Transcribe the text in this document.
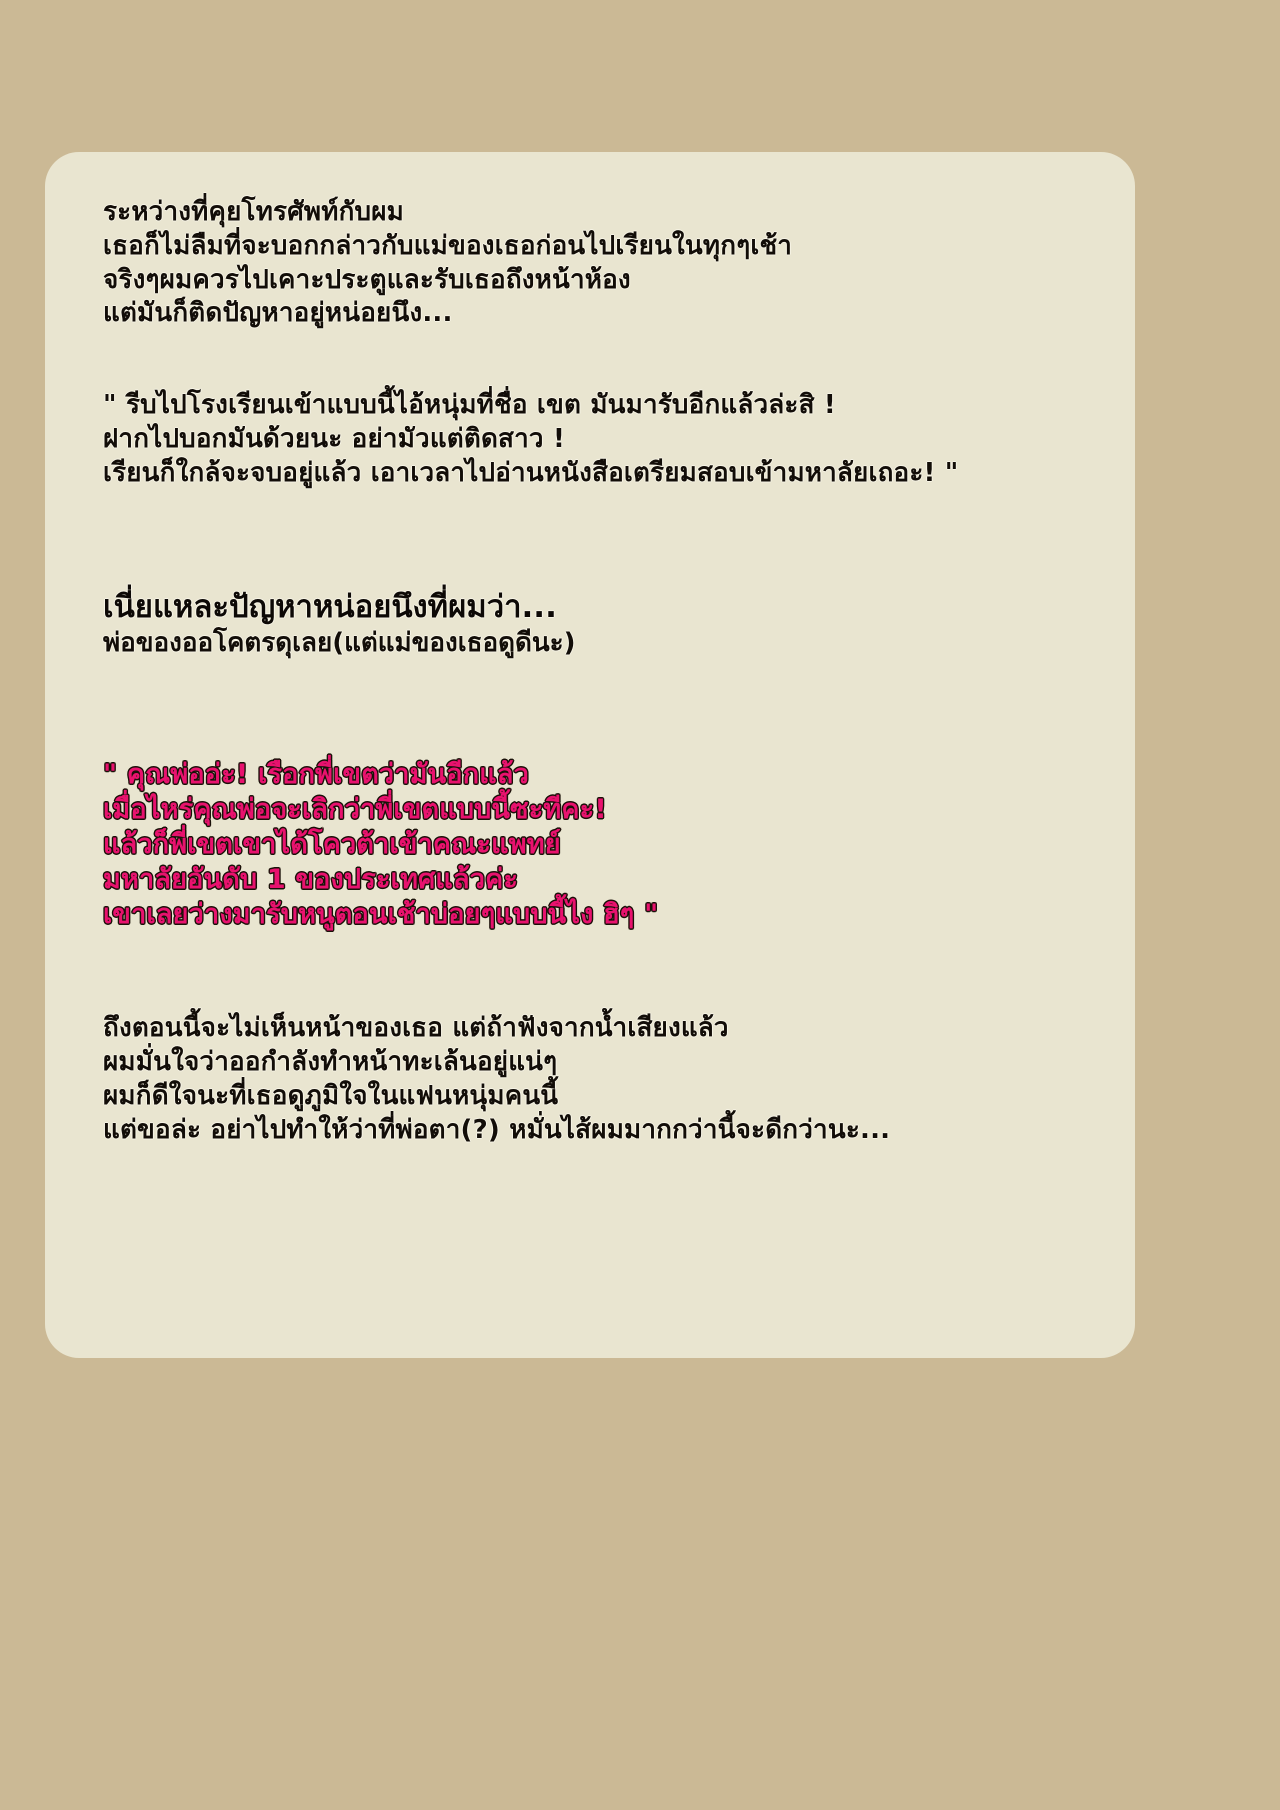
ระหว่างที่คุยโทรศัพท์กับผม
เธอก็ไม่ลืมที่จะบอกกล่าวกับแม่ของเธอก่อนไปเรียนในทุกๆเช้า
จริงๆผมควรไปเคาะประตูและรับเธอถึงหน้าห้อง
แต่มันก็ติดปัญหาอยู่หน่อยนึง...
" รีบไปโรงเรียนเข้าแบบนี้ไอ้หนุ่มที่ชื่อ เขต มันมารับอีกแล้วล่ะสิ !
ฝากไปบอกมันด้วยนะ อย่ามัวแต่ติดสาว !
เรียนก็ใกล้จะจบอยู่แล้ว เอาเวลาไปอ่านหนังสือเตรียมสอบเข้ามหาลัยเถอะ! "
เนี่ยแหละปัญหาหน่อยนึงที่ผมว่า...
พ่อของออโคตรดุเลย(แต่แม่ของเธอดูดีนะ)
" คุณพ่ออ่ะ! เรือกพี่เขตว่ามันอีกแล้ว
เมื่อไหร่คุณพ่อจะเลิกว่าพี่เขตแบบนี้ซะทีคะ!
แล้วก็พี่เขตเขาได้โควต้าเข้าคณะแพทย์
มหาลัยอันดับ 1 ของประเทศแล้วค่ะ
เขาเลยว่างมารับหนูตอนเช้าบ่อยๆแบบนี้ไง ฮิๆ "
ถึงตอนนี้จะไม่เห็นหน้าของเธอ แต่ถ้าฟังจากน้ำเสียงแล้ว
ผมมั่นใจว่าออกำลังทำหน้าทะเล้นอยู่แน่ๆ
ผมก็ดีใจนะที่เธอดูภูมิใจในแฟนหนุ่มคนนี้
แต่ขอล่ะ อย่าไปทำให้ว่าที่พ่อตา(?) หมั่นไส้ผมมากกว่านี้จะดีกว่านะ...
